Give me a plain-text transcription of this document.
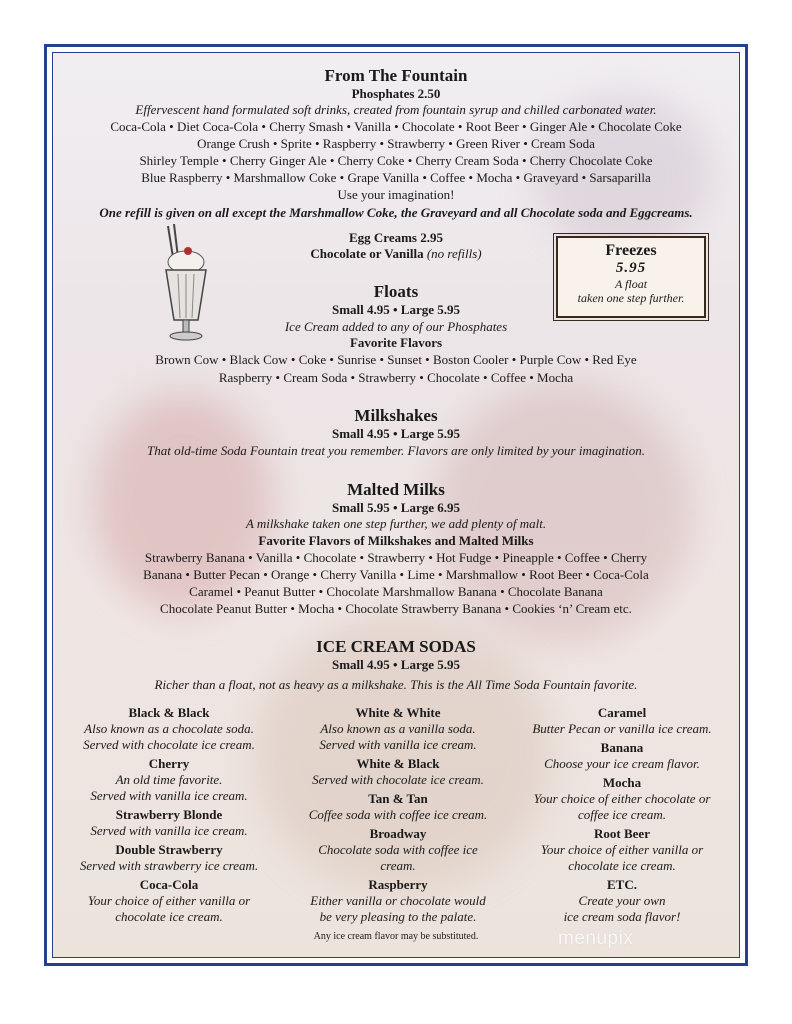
From The Fountain
Phosphates 2.50
Effervescent hand formulated soft drinks, created from fountain syrup and chilled carbonated water.
Coca-Cola • Diet Coca-Cola • Cherry Smash • Vanilla • Chocolate • Root Beer • Ginger Ale • Chocolate Coke
Orange Crush • Sprite • Raspberry • Strawberry • Green River • Cream Soda
Shirley Temple • Cherry Ginger Ale • Cherry Coke • Cherry Cream Soda • Cherry Chocolate Coke
Blue Raspberry • Marshmallow Coke • Grape Vanilla • Coffee • Mocha • Graveyard • Sarsaparilla
Use your imagination!
One refill is given on all except the Marshmallow Coke, the Graveyard and all Chocolate soda and Eggcreams.
Egg Creams 2.95
Chocolate or Vanilla (no refills)	Freezes
5.95
A float
taken one step further.
Floats
Small 4.95 • Large 5.95
Ice Cream added to any of our Phosphates
Favorite Flavors
Brown Cow • Black Cow • Coke • Sunrise • Sunset • Boston Cooler • Purple Cow • Red Eye
Raspberry • Cream Soda • Strawberry • Chocolate • Coffee • Mocha
Milkshakes
Small 4.95 • Large 5.95
That old-time Soda Fountain treat you remember. Flavors are only limited by your imagination.
Malted Milks
Small 5.95 • Large 6.95
A milkshake taken one step further, we add plenty of malt.
Favorite Flavors of Milkshakes and Malted Milks
Strawberry Banana • Vanilla • Chocolate • Strawberry • Hot Fudge • Pineapple • Coffee • Cherry
Banana • Butter Pecan • Orange • Cherry Vanilla • Lime • Marshmallow • Root Beer • Coca-Cola
Caramel • Peanut Butter • Chocolate Marshmallow Banana • Chocolate Banana
Chocolate Peanut Butter • Mocha • Chocolate Strawberry Banana • Cookies ‘n’ Cream etc.
ICE CREAM SODAS
Small 4.95 • Large 5.95
Richer than a float, not as heavy as a milkshake. This is the All Time Soda Fountain favorite.
Black & Black
Also known as a chocolate soda.
Served with chocolate ice cream.
Cherry
An old time favorite.
Served with vanilla ice cream.
Strawberry Blonde
Served with vanilla ice cream.
Double Strawberry
Served with strawberry ice cream.
Coca-Cola
Your choice of either vanilla or
chocolate ice cream.
White & White
Also known as a vanilla soda.
Served with vanilla ice cream.
White & Black
Served with chocolate ice cream.
Tan & Tan
Coffee soda with coffee ice cream.
Broadway
Chocolate soda with coffee ice
cream.
Raspberry
Either vanilla or chocolate would
be very pleasing to the palate.
Caramel
Butter Pecan or vanilla ice cream.
Banana
Choose your ice cream flavor.
Mocha
Your choice of either chocolate or
coffee ice cream.
Root Beer
Your choice of either vanilla or
chocolate ice cream.
ETC.
Create your own
ice cream soda flavor!
Any ice cream flavor may be substituted.	menupix
